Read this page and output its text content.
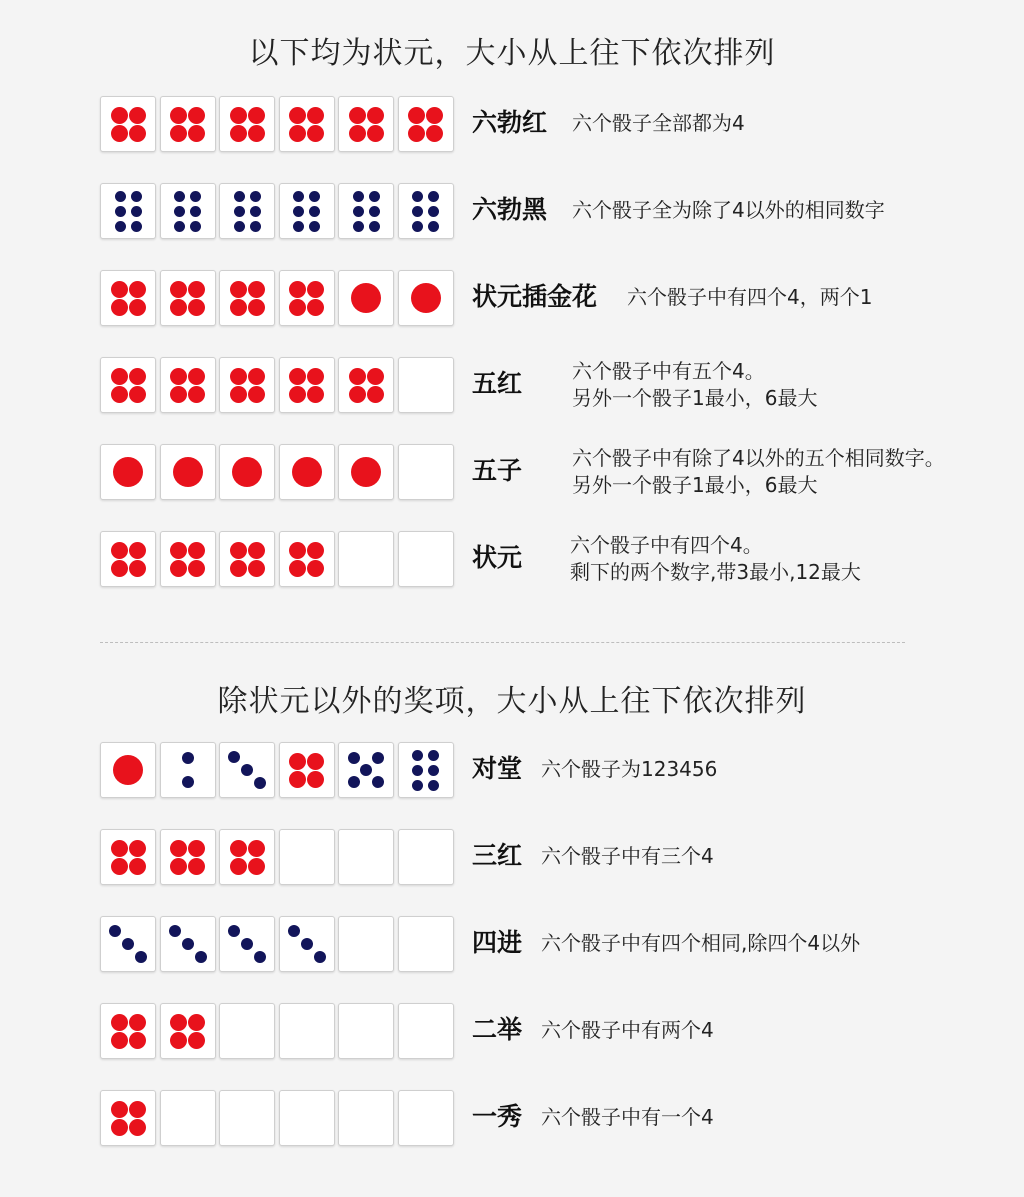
以下均为状元，大小从上往下依次排列
六勃红 六个骰子全部都为4
六勃黑 六个骰子全为除了4以外的相同数字
状元插金花 六个骰子中有四个4，两个1
五红 六个骰子中有五个4。
另外一个骰子1最小，6最大
五子 六个骰子中有除了4以外的五个相同数字。
另外一个骰子1最小，6最大
状元 六个骰子中有四个4。
剩下的两个数字,带3最小,12最大
除状元以外的奖项，大小从上往下依次排列
对堂 六个骰子为123456
三红 六个骰子中有三个4
四进 六个骰子中有四个相同,除四个4以外
二举 六个骰子中有两个4
一秀 六个骰子中有一个4
